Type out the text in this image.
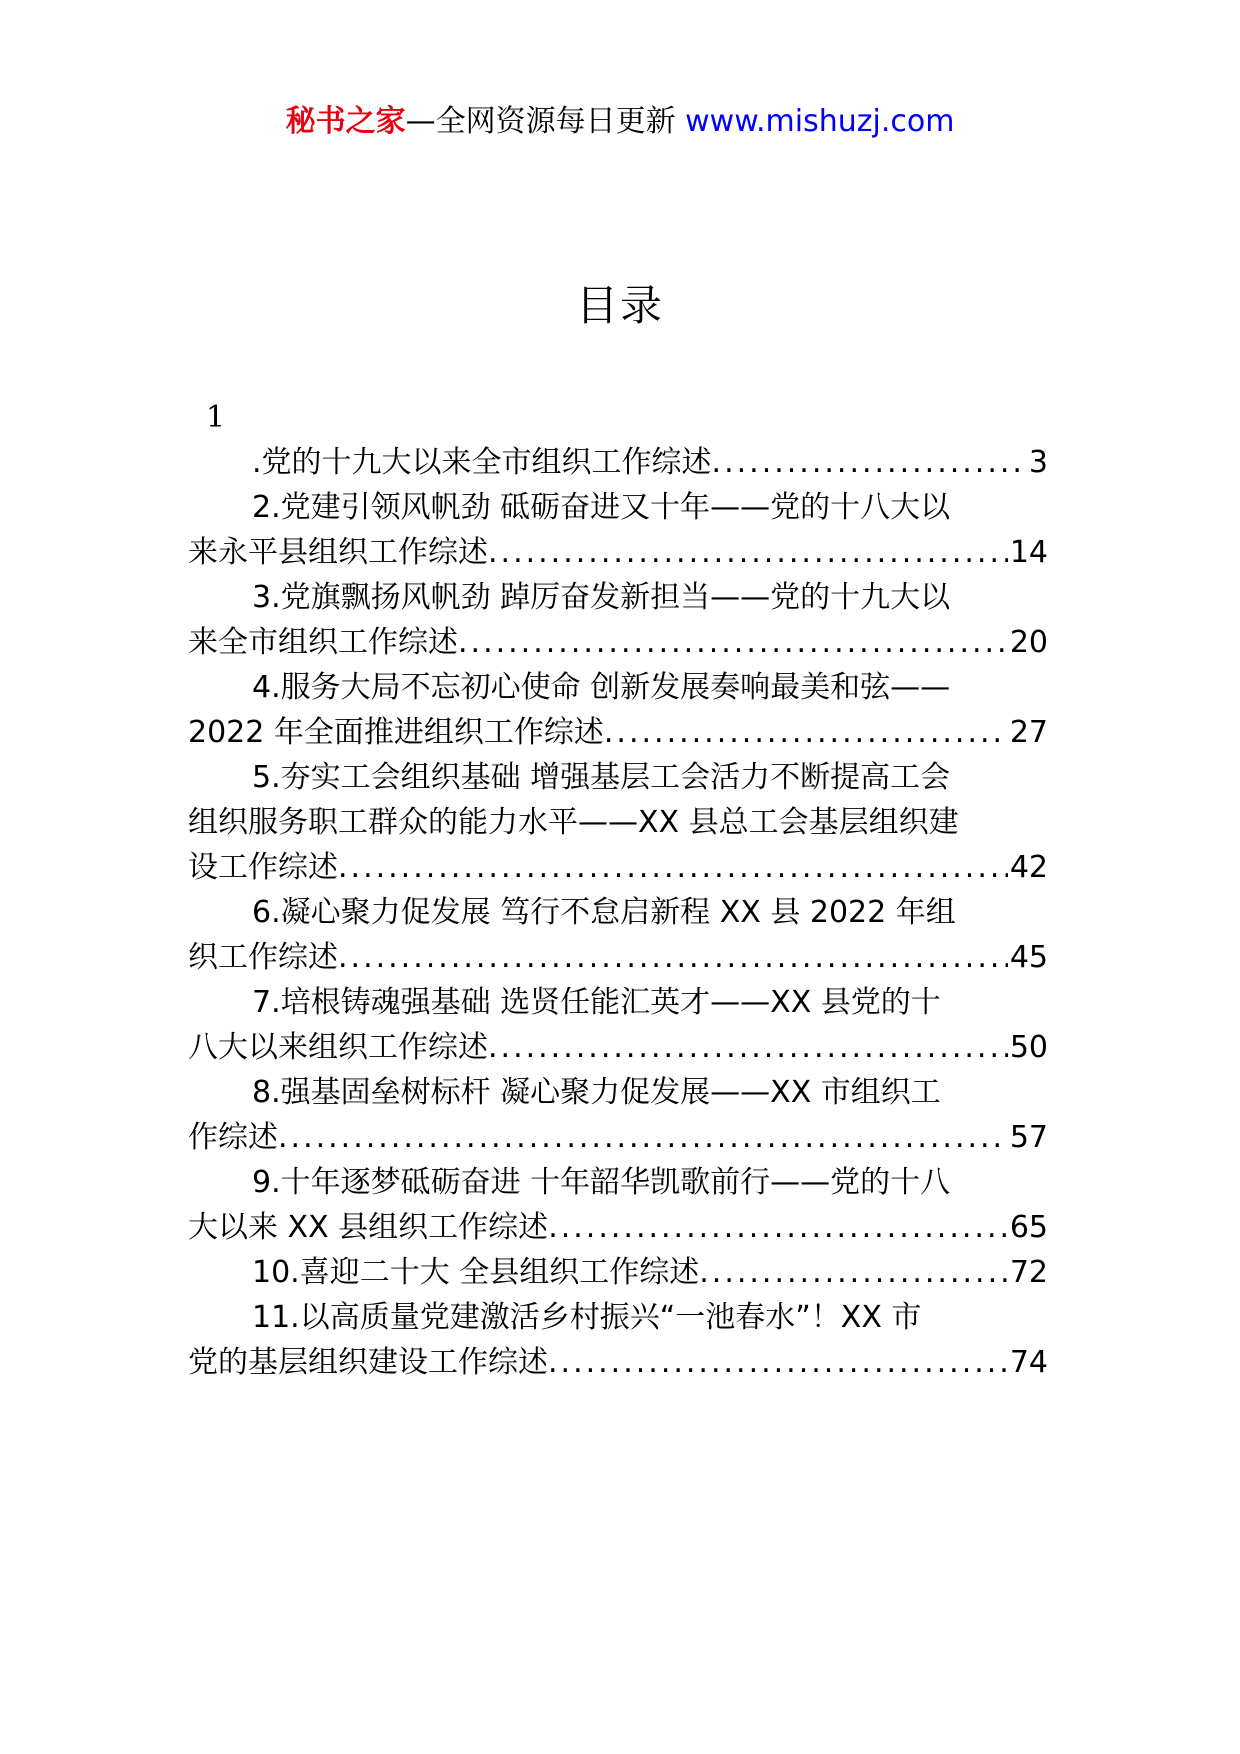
秘书之家—全网资源每日更新 www.mishuzj.com
目录
1
.党的十九大以来全市组织工作综述 .....	3
2.党建引领风帆劲 砥砺奋进又十年——党的十八大以
来永平县组织工作综述 .....	14
3.党旗飘扬风帆劲 踔厉奋发新担当——党的十九大以
来全市组织工作综述 .....	20
4.服务大局不忘初心使命 创新发展奏响最美和弦——
2022 年全面推进组织工作综述 .....	27
5.夯实工会组织基础 增强基层工会活力不断提高工会
组织服务职工群众的能力水平——XX 县总工会基层组织建
设工作综述 .....	42
6.凝心聚力促发展 笃行不怠启新程 XX 县 2022 年组
织工作综述 .....	45
7.培根铸魂强基础 选贤任能汇英才——XX 县党的十
八大以来组织工作综述 .....	50
8.强基固垒树标杆 凝心聚力促发展——XX 市组织工
作综述 .....	57
9.十年逐梦砥砺奋进 十年韶华凯歌前行——党的十八
大以来 XX 县组织工作综述 .....	65
10.喜迎二十大 全县组织工作综述 .....	72
11.以高质量党建激活乡村振兴“一池春水”！XX 市
党的基层组织建设工作综述 .....	74
